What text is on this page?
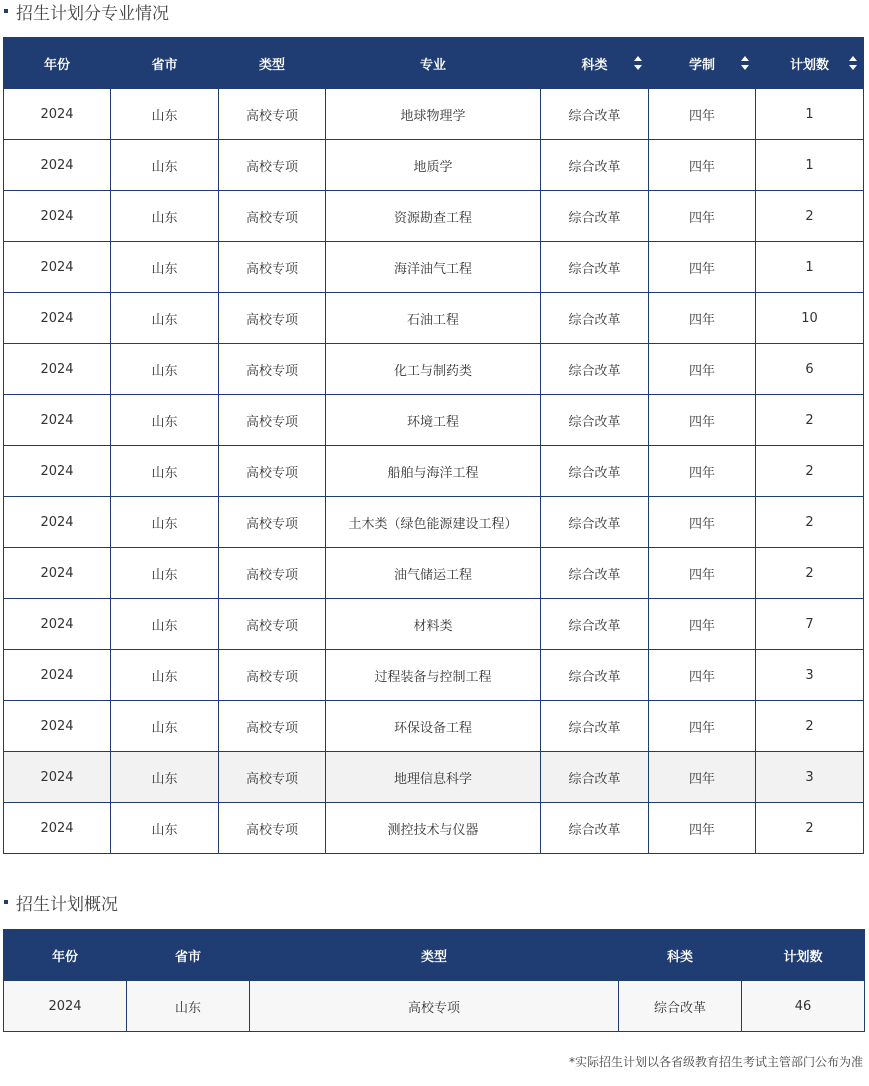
招生计划分专业情况
年份	省市	类型	专业	科类	学制	计划数

2024	山东	高校专项	地球物理学	综合改革	四年	1
2024	山东	高校专项	地质学	综合改革	四年	1
2024	山东	高校专项	资源勘查工程	综合改革	四年	2
2024	山东	高校专项	海洋油气工程	综合改革	四年	1
2024	山东	高校专项	石油工程	综合改革	四年	10
2024	山东	高校专项	化工与制药类	综合改革	四年	6
2024	山东	高校专项	环境工程	综合改革	四年	2
2024	山东	高校专项	船舶与海洋工程	综合改革	四年	2
2024	山东	高校专项	土木类（绿色能源建设工程）	综合改革	四年	2
2024	山东	高校专项	油气储运工程	综合改革	四年	2
2024	山东	高校专项	材料类	综合改革	四年	7
2024	山东	高校专项	过程装备与控制工程	综合改革	四年	3
2024	山东	高校专项	环保设备工程	综合改革	四年	2
2024	山东	高校专项	地理信息科学	综合改革	四年	3
2024	山东	高校专项	测控技术与仪器	综合改革	四年	2
招生计划概况
年份	省市	类型	科类	计划数
2024	山东	高校专项	综合改革	46
*实际招生计划以各省级教育招生考试主管部门公布为准
